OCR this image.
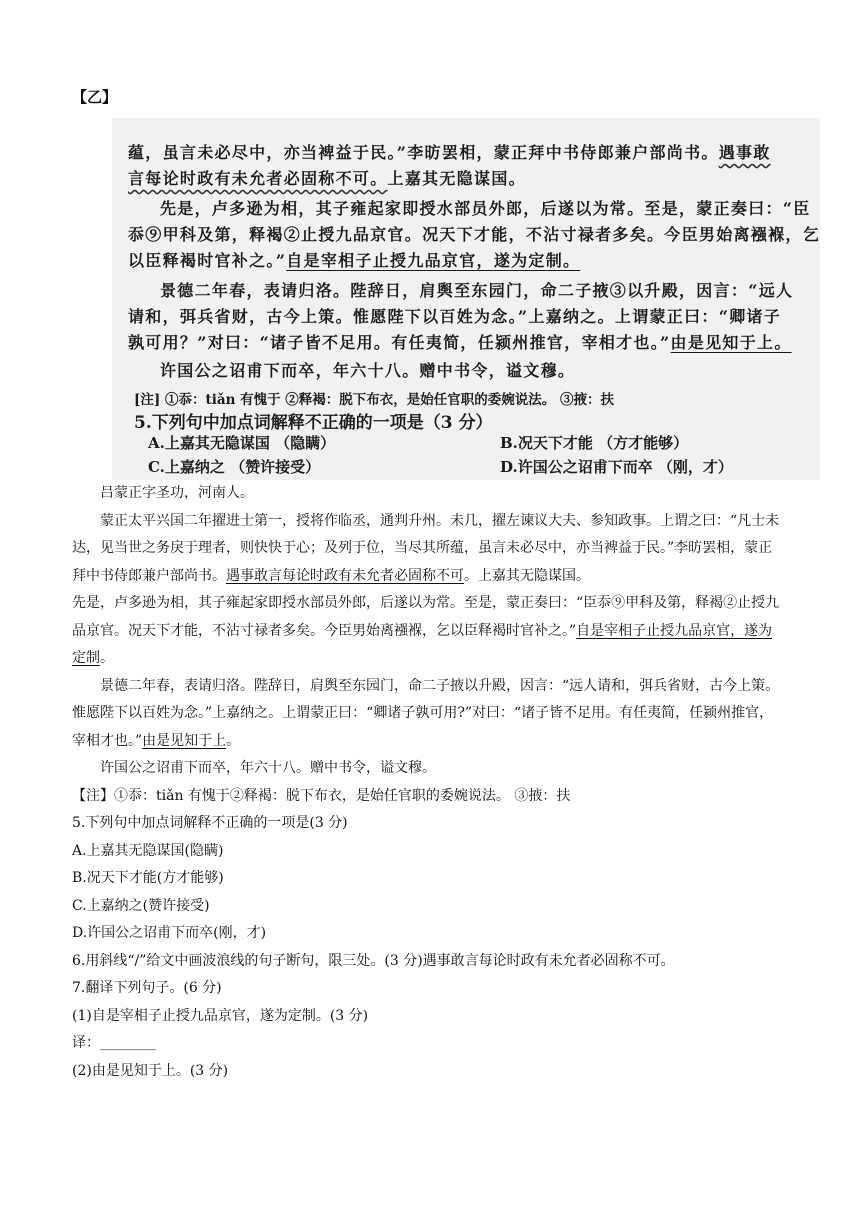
【乙】
蕴，虽言未必尽中，亦当裨益于民。”李昉罢相，蒙正拜中书侍郎兼户部尚书。遇事敢
言每论时政有未允者必固称不可。上嘉其无隐谋国。
先是，卢多逊为相，其子雍起家即授水部员外郎，后遂以为常。至是，蒙正奏曰：“臣
忝⑨甲科及第，释褐②止授九品京官。况天下才能，不沾寸禄者多矣。今臣男始离襁褓，乞
以臣释褐时官补之。”自是宰相子止授九品京官，遂为定制。
景德二年春，表请归洛。陛辞日，肩舆至东园门，命二子掖③以升殿，因言：“远人
请和，弭兵省财，古今上策。惟愿陛下以百姓为念。”上嘉纳之。上谓蒙正曰：“卿诸子
孰可用？”对曰：“诸子皆不足用。有任夷简，任颍州推官，宰相才也。”由是见知于上。
许国公之诏甫下而卒，年六十八。赠中书令，谥文穆。
[注] ①忝：tiǎn 有愧于 ②释褐：脱下布衣，是始任官职的委婉说法。 ③掖：扶
5.下列句中加点词解释不正确的一项是（3 分）
A.上嘉其无隐谋国 （隐瞒）	B.况天下才能 （方才能够）
C.上嘉纳之 （赞许接受）	D.许国公之诏甫下而卒 （刚，才）
吕蒙正字圣功，河南人。
蒙正太平兴国二年擢进士第一，授将作临丞，通判升州。未几，擢左谏议大夫、参知政事。上谓之曰：“凡士未达，见当世之务戾于理者，则快快于心；及列于位，当尽其所蕴，虽言未必尽中，亦当裨益于民。”李昉罢相，蒙正拜中书侍郎兼户部尚书。遇事敢言每论时政有未允者必固称不可。上嘉其无隐谋国。
先是，卢多逊为相，其子雍起家即授水部员外郎，后遂以为常。至是，蒙正奏曰：“臣忝⑨甲科及第，释褐②止授九品京官。况天下才能，不沾寸禄者多矣。今臣男始离襁褓，乞以臣释褐时官补之。”自是宰相子止授九品京官，遂为定制。
景德二年春，表请归洛。陛辞日，肩舆至东园门，命二子掖以升殿，因言：“远人请和，弭兵省财，古今上策。惟愿陛下以百姓为念。”上嘉纳之。上谓蒙正曰：“卿诸子孰可用?”对曰：“诸子皆不足用。有任夷简，任颍州推官，宰相才也。”由是见知于上。
许国公之诏甫下而卒，年六十八。赠中书令，谥文穆。
【注】①忝：tiǎn 有愧于②释褐：脱下布衣，是始任官职的委婉说法。 ③掖：扶
5.下列句中加点词解释不正确的一项是(3 分)
A.上嘉其无隐谋国(隐瞒)
B.况天下才能(方才能够)
C.上嘉纳之(赞许接受)
D.许国公之诏甫下而卒(刚，才)
6.用斜线“/”给文中画波浪线的句子断句，限三处。(3 分)遇事敢言每论时政有未允者必固称不可。
7.翻译下列句子。(6 分)
(1)自是宰相子止授九品京官，遂为定制。(3 分)
译：________
(2)由是见知于上。(3 分)
